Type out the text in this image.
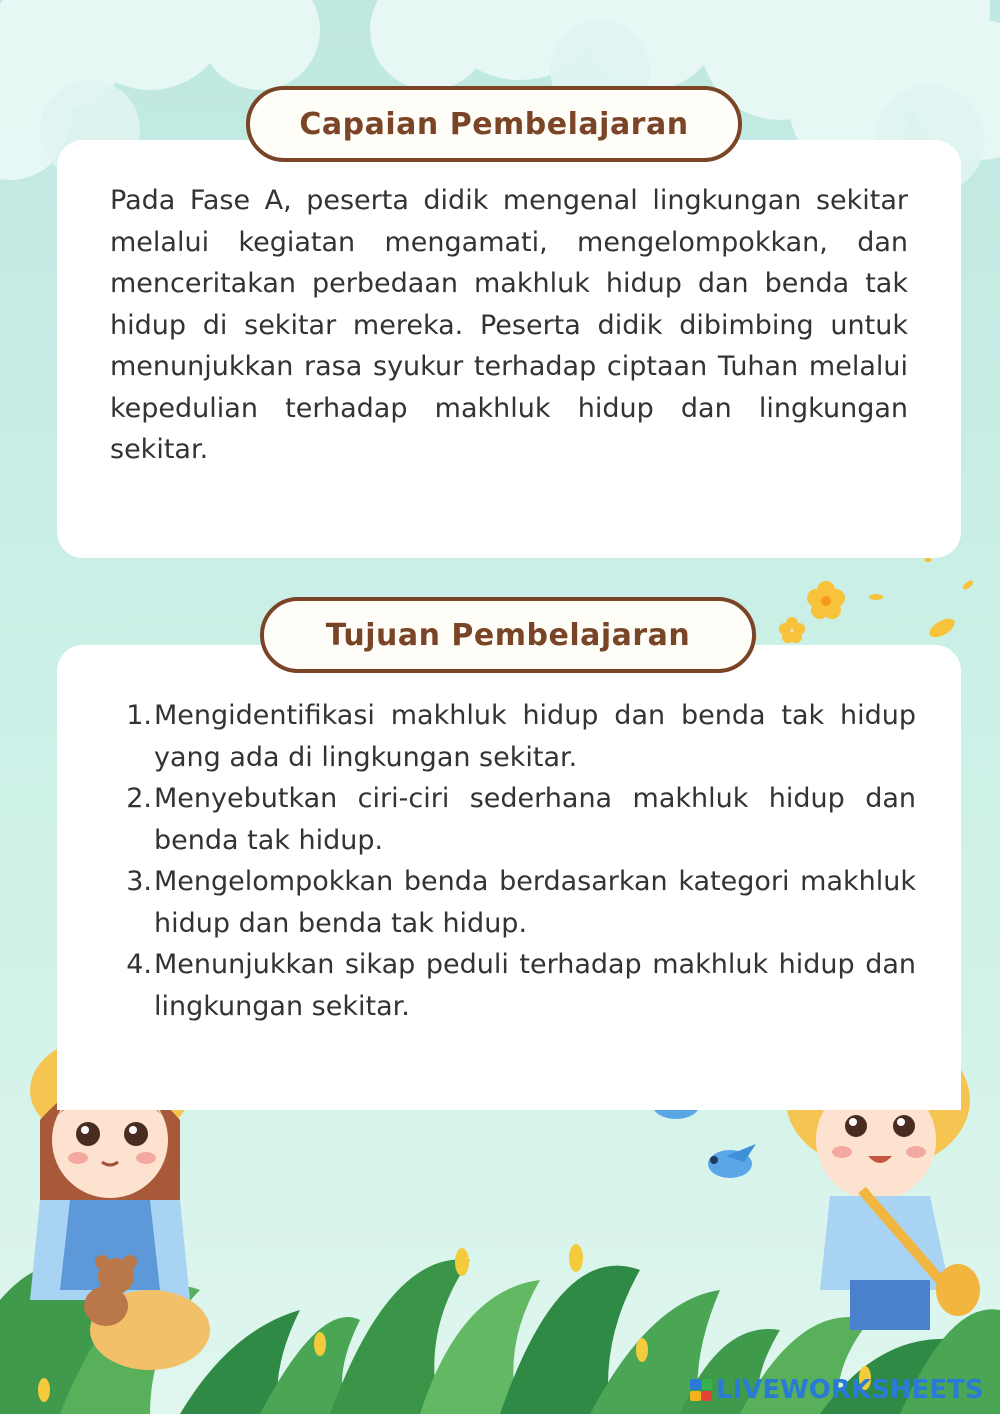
Capaian Pembelajaran

Pada Fase A, peserta didik mengenal lingkungan sekitar melalui kegiatan mengamati, mengelompokkan, dan menceritakan perbedaan makhluk hidup dan benda tak hidup di sekitar mereka. Peserta didik dibimbing untuk menunjukkan rasa syukur terhadap ciptaan Tuhan melalui kepedulian terhadap makhluk hidup dan lingkungan sekitar.

Tujuan Pembelajaran
1. Mengidentifikasi makhluk hidup dan benda tak hidup yang ada di lingkungan sekitar.
2. Menyebutkan ciri-ciri sederhana makhluk hidup dan benda tak hidup.
3. Mengelompokkan benda berdasarkan kategori makhluk hidup dan benda tak hidup.
4. Menunjukkan sikap peduli terhadap makhluk hidup dan lingkungan sekitar.
LIVEWORKSHEETS
